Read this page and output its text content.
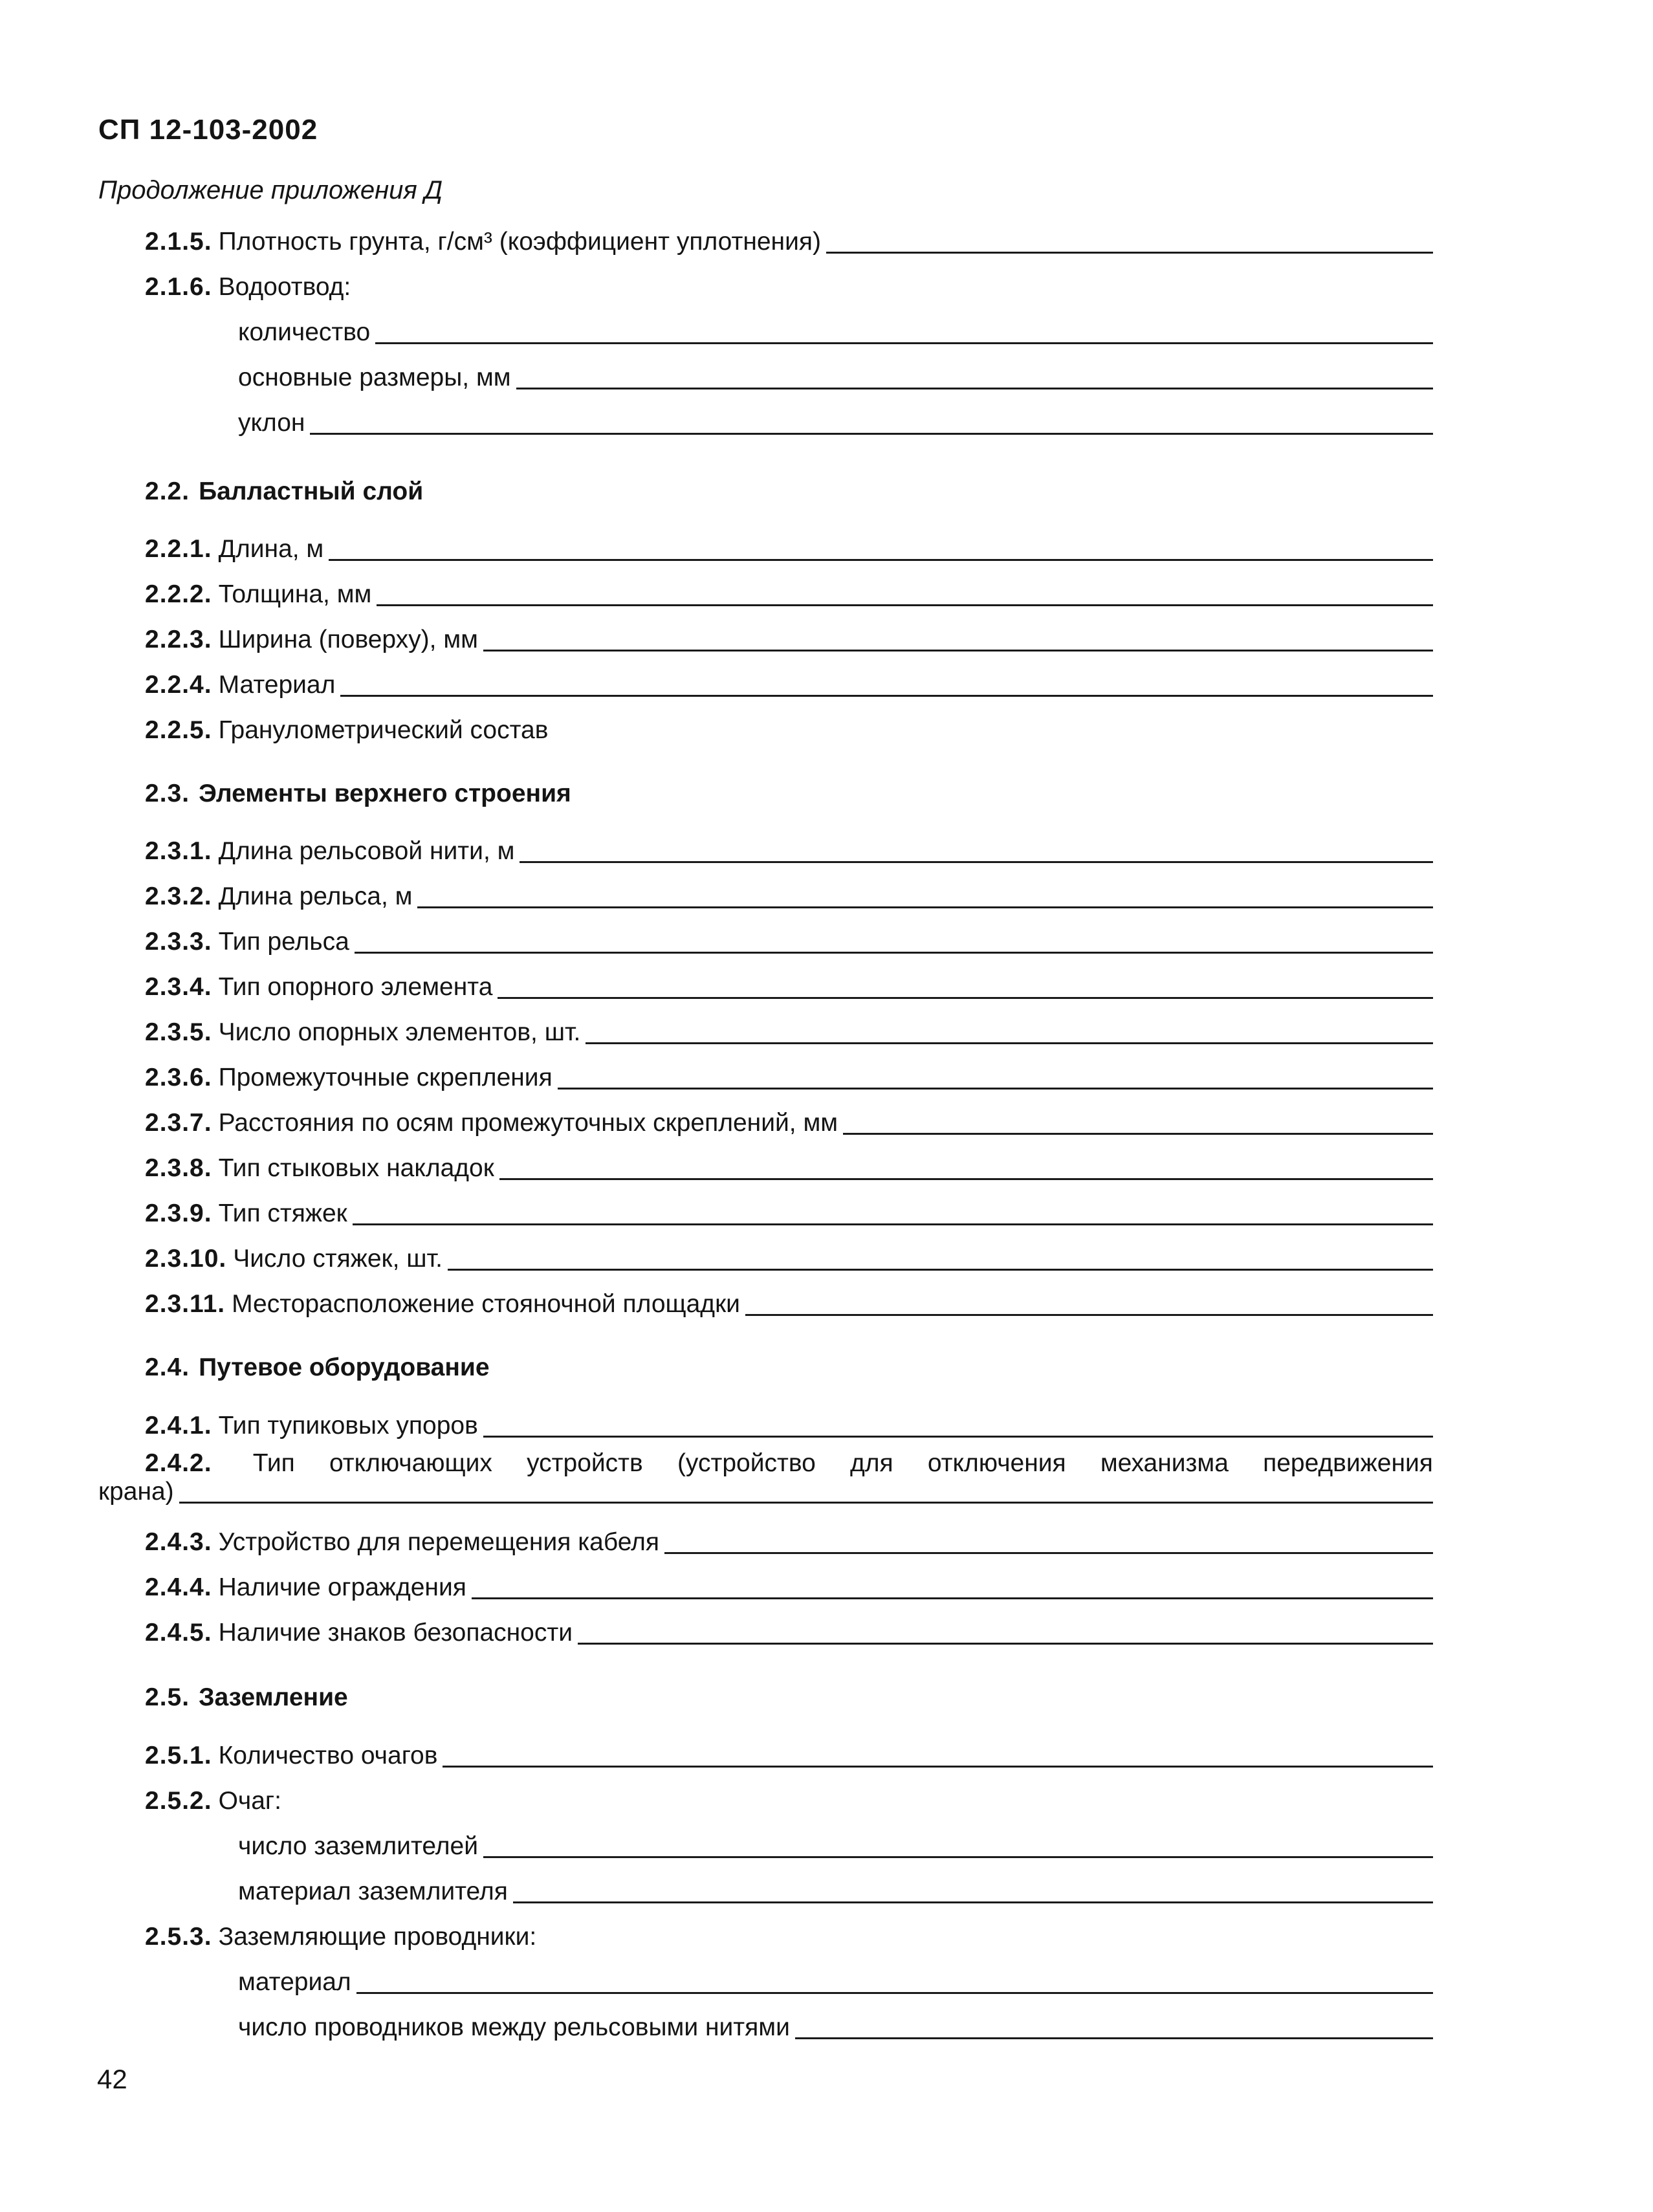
СП 12-103-2002
Продолжение приложения Д
2.1.5. Плотность грунта, г/см³ (коэффициент уплотнения)
2.1.6. Водоотвод:
количество
основные размеры, мм
уклон
2.2. Балластный слой
2.2.1. Длина, м
2.2.2. Толщина, мм
2.2.3. Ширина (поверху), мм
2.2.4. Материал
2.2.5. Гранулометрический состав
2.3. Элементы верхнего строения
2.3.1. Длина рельсовой нити, м
2.3.2. Длина рельса, м
2.3.3. Тип рельса
2.3.4. Тип опорного элемента
2.3.5. Число опорных элементов, шт.
2.3.6. Промежуточные скрепления
2.3.7. Расстояния по осям промежуточных скреплений, мм
2.3.8. Тип стыковых накладок
2.3.9. Тип стяжек
2.3.10. Число стяжек, шт.
2.3.11. Месторасположение стояночной площадки
2.4. Путевое оборудование
2.4.1. Тип тупиковых упоров
2.4.2. Тип отключающих устройств (устройство для отключения механизма передвижения
крана)
2.4.3. Устройство для перемещения кабеля
2.4.4. Наличие ограждения
2.4.5. Наличие знаков безопасности
2.5. Заземление
2.5.1. Количество очагов
2.5.2. Очаг:
число заземлителей
материал заземлителя
2.5.3. Заземляющие проводники:
материал
число проводников между рельсовыми нитями
42
